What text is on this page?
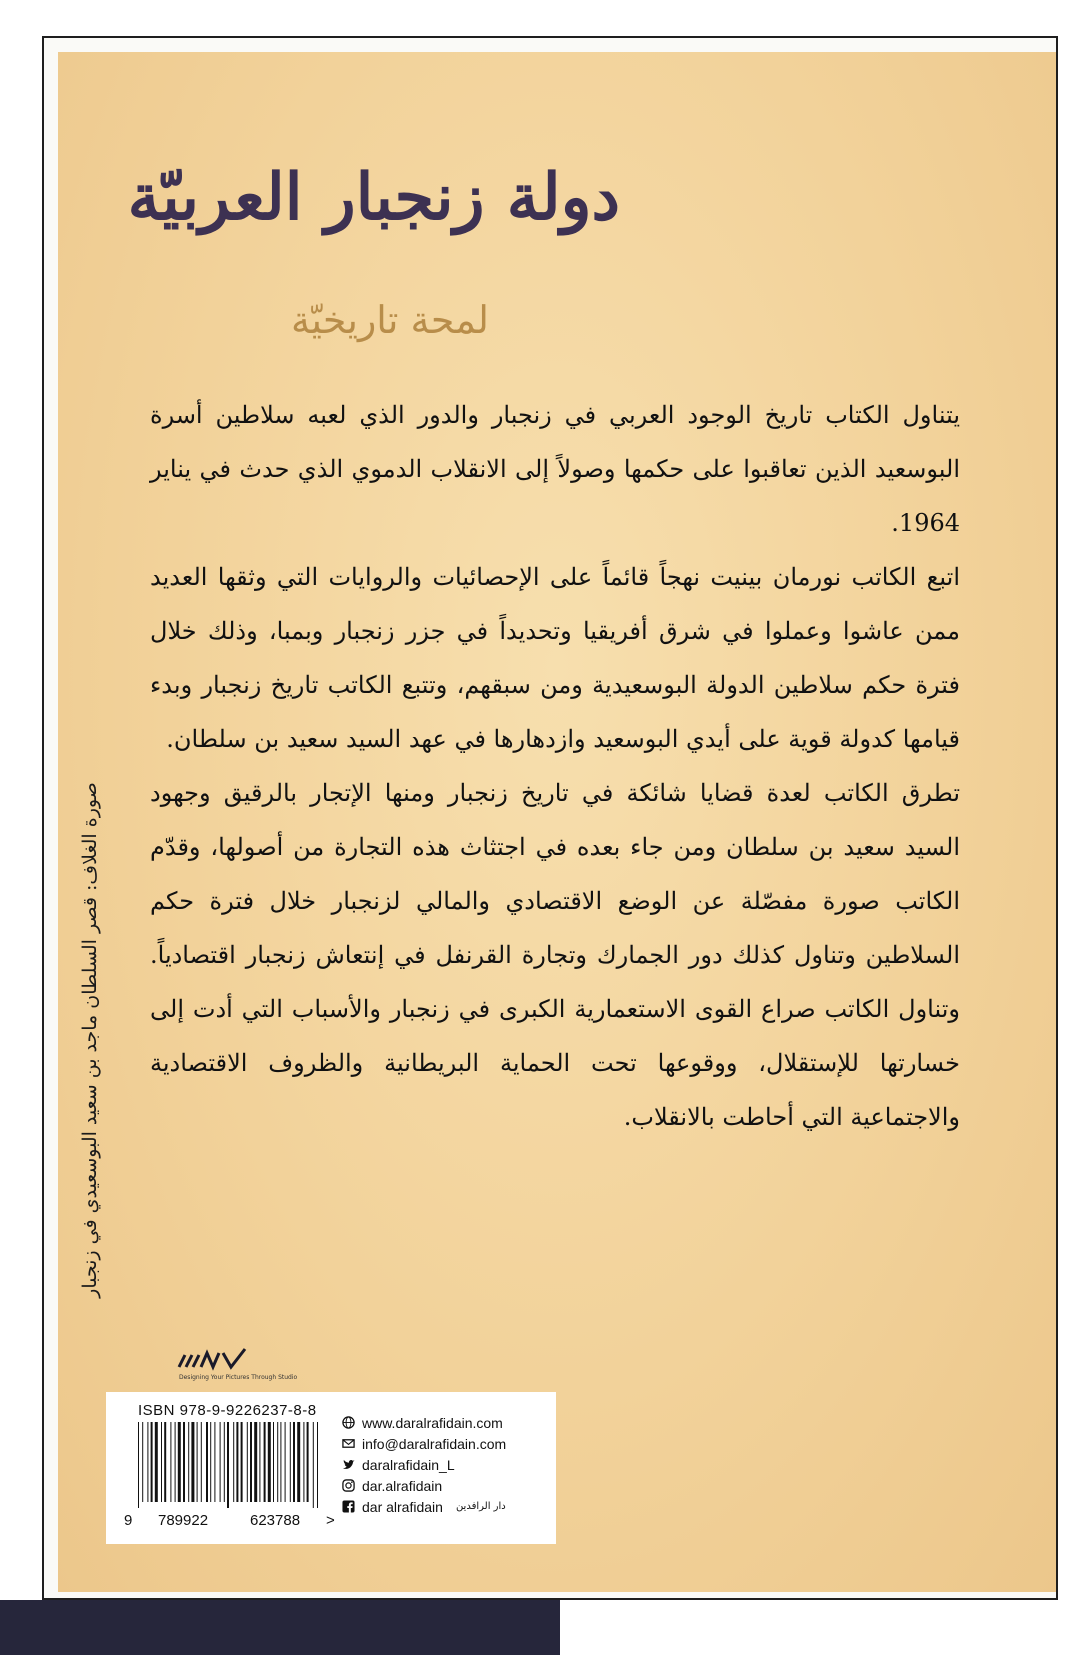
دولة زنجبار العربيّة
لمحة تاريخيّة

يتناول الكتاب تاريخ الوجود العربي في زنجبار والدور الذي لعبه سلاطين أسرة البوسعيد الذين تعاقبوا على حكمها وصولاً إلى الانقلاب الدموي الذي حدث في يناير 1964.

اتبع الكاتب نورمان بينيت نهجاً قائماً على الإحصائيات والروايات التي وثقها العديد ممن عاشوا وعملوا في شرق أفريقيا وتحديداً في جزر زنجبار وبمبا، وذلك خلال فترة حكم سلاطين الدولة البوسعيدية ومن سبقهم، وتتبع الكاتب تاريخ زنجبار وبدء قيامها كدولة قوية على أيدي البوسعيد وازدهارها في عهد السيد سعيد بن سلطان.

تطرق الكاتب لعدة قضايا شائكة في تاريخ زنجبار ومنها الإتجار بالرقيق وجهود السيد سعيد بن سلطان ومن جاء بعده في اجتثاث هذه التجارة من أصولها، وقدّم الكاتب صورة مفصّلة عن الوضع الاقتصادي والمالي لزنجبار خلال فترة حكم السلاطين وتناول كذلك دور الجمارك وتجارة القرنفل في إنتعاش زنجبار اقتصادياً. وتناول الكاتب صراع القوى الاستعمارية الكبرى في زنجبار والأسباب التي أدت إلى خسارتها للإستقلال، ووقوعها تحت الحماية البريطانية والظروف الاقتصادية والاجتماعية التي أحاطت بالانقلاب.

صورة الغلاف: قصر السلطان ماجد بن سعيد البوسعيدي في زنجبار
Designing Your Pictures Through Studio
ISBN 978-9-9226237-8-8
9 789922	623788 >
www.daralrafidain.com
info@daralrafidain.com
daralrafidain_L
dar.alrafidain
dar alrafidain دار الرافدين
